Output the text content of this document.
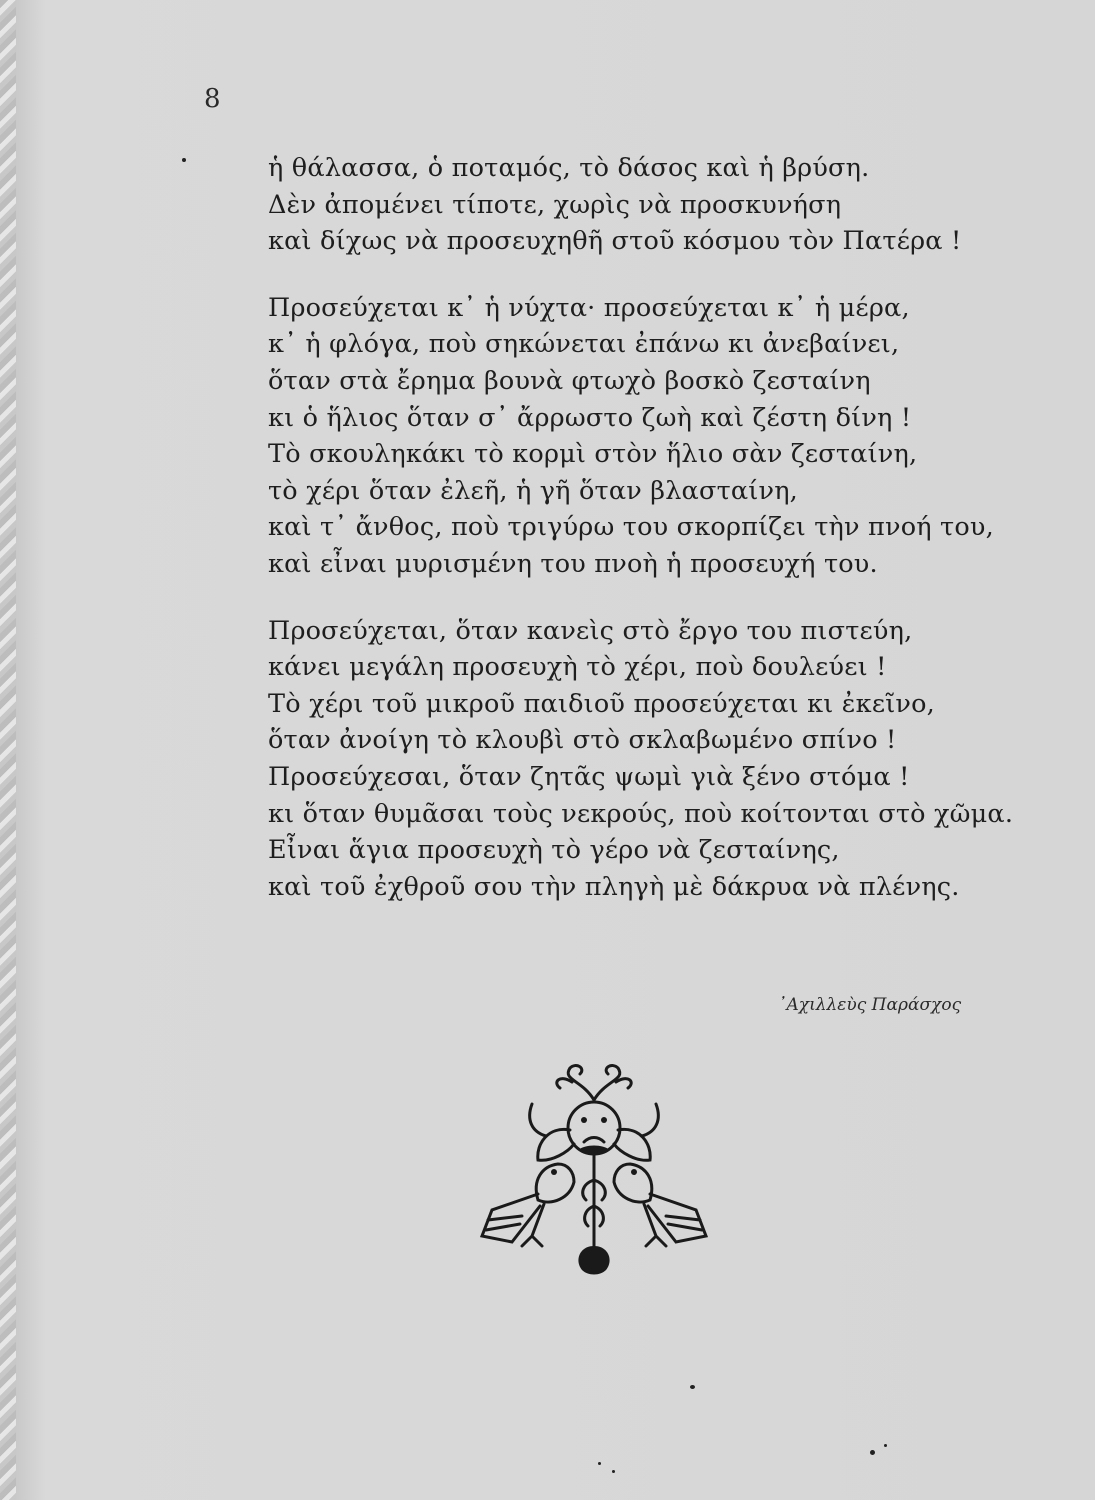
8
ἡ θάλασσα, ὁ ποταμός, τὸ δάσος καὶ ἡ βρύση.
Δὲν ἀπομένει τίποτε, χωρὶς νὰ προσκυνήση
καὶ δίχως νὰ προσευχηθῆ στοῦ κόσμου τὸν Πατέρα !
Προσεύχεται κ᾿ ἡ νύχτα· προσεύχεται κ᾿ ἡ μέρα,
κ᾿ ἡ φλόγα, ποὺ σηκώνεται ἐπάνω κι ἀνεβαίνει,
ὅταν στὰ ἔρημα βουνὰ φτωχὸ βοσκὸ ζεσταίνη
κι ὁ ἥλιος ὅταν σ᾿ ἄρρωστο ζωὴ καὶ ζέστη δίνη !
Τὸ σκουληκάκι τὸ κορμὶ στὸν ἥλιο σὰν ζεσταίνη,
τὸ χέρι ὅταν ἐλεῆ, ἡ γῆ ὅταν βλασταίνη,
καὶ τ᾿ ἄνθος, ποὺ τριγύρω του σκορπίζει τὴν πνοή του,
καὶ εἶναι μυρισμένη του πνοὴ ἡ προσευχή του.
Προσεύχεται, ὅταν κανεὶς στὸ ἔργο του πιστεύη,
κάνει μεγάλη προσευχὴ τὸ χέρι, ποὺ δουλεύει !
Τὸ χέρι τοῦ μικροῦ παιδιοῦ προσεύχεται κι ἐκεῖνο,
ὅταν ἀνοίγη τὸ κλουβὶ στὸ σκλαβωμένο σπίνο !
Προσεύχεσαι, ὅταν ζητᾶς ψωμὶ γιὰ ξένο στόμα !
κι ὅταν θυμᾶσαι τοὺς νεκρούς, ποὺ κοίτονται στὸ χῶμα.
Εἶναι ἅγια προσευχὴ τὸ γέρο νὰ ζεσταίνης,
καὶ τοῦ ἐχθροῦ σου τὴν πληγὴ μὲ δάκρυα νὰ πλένης.
᾿Αχιλλεὺς Παράσχος
